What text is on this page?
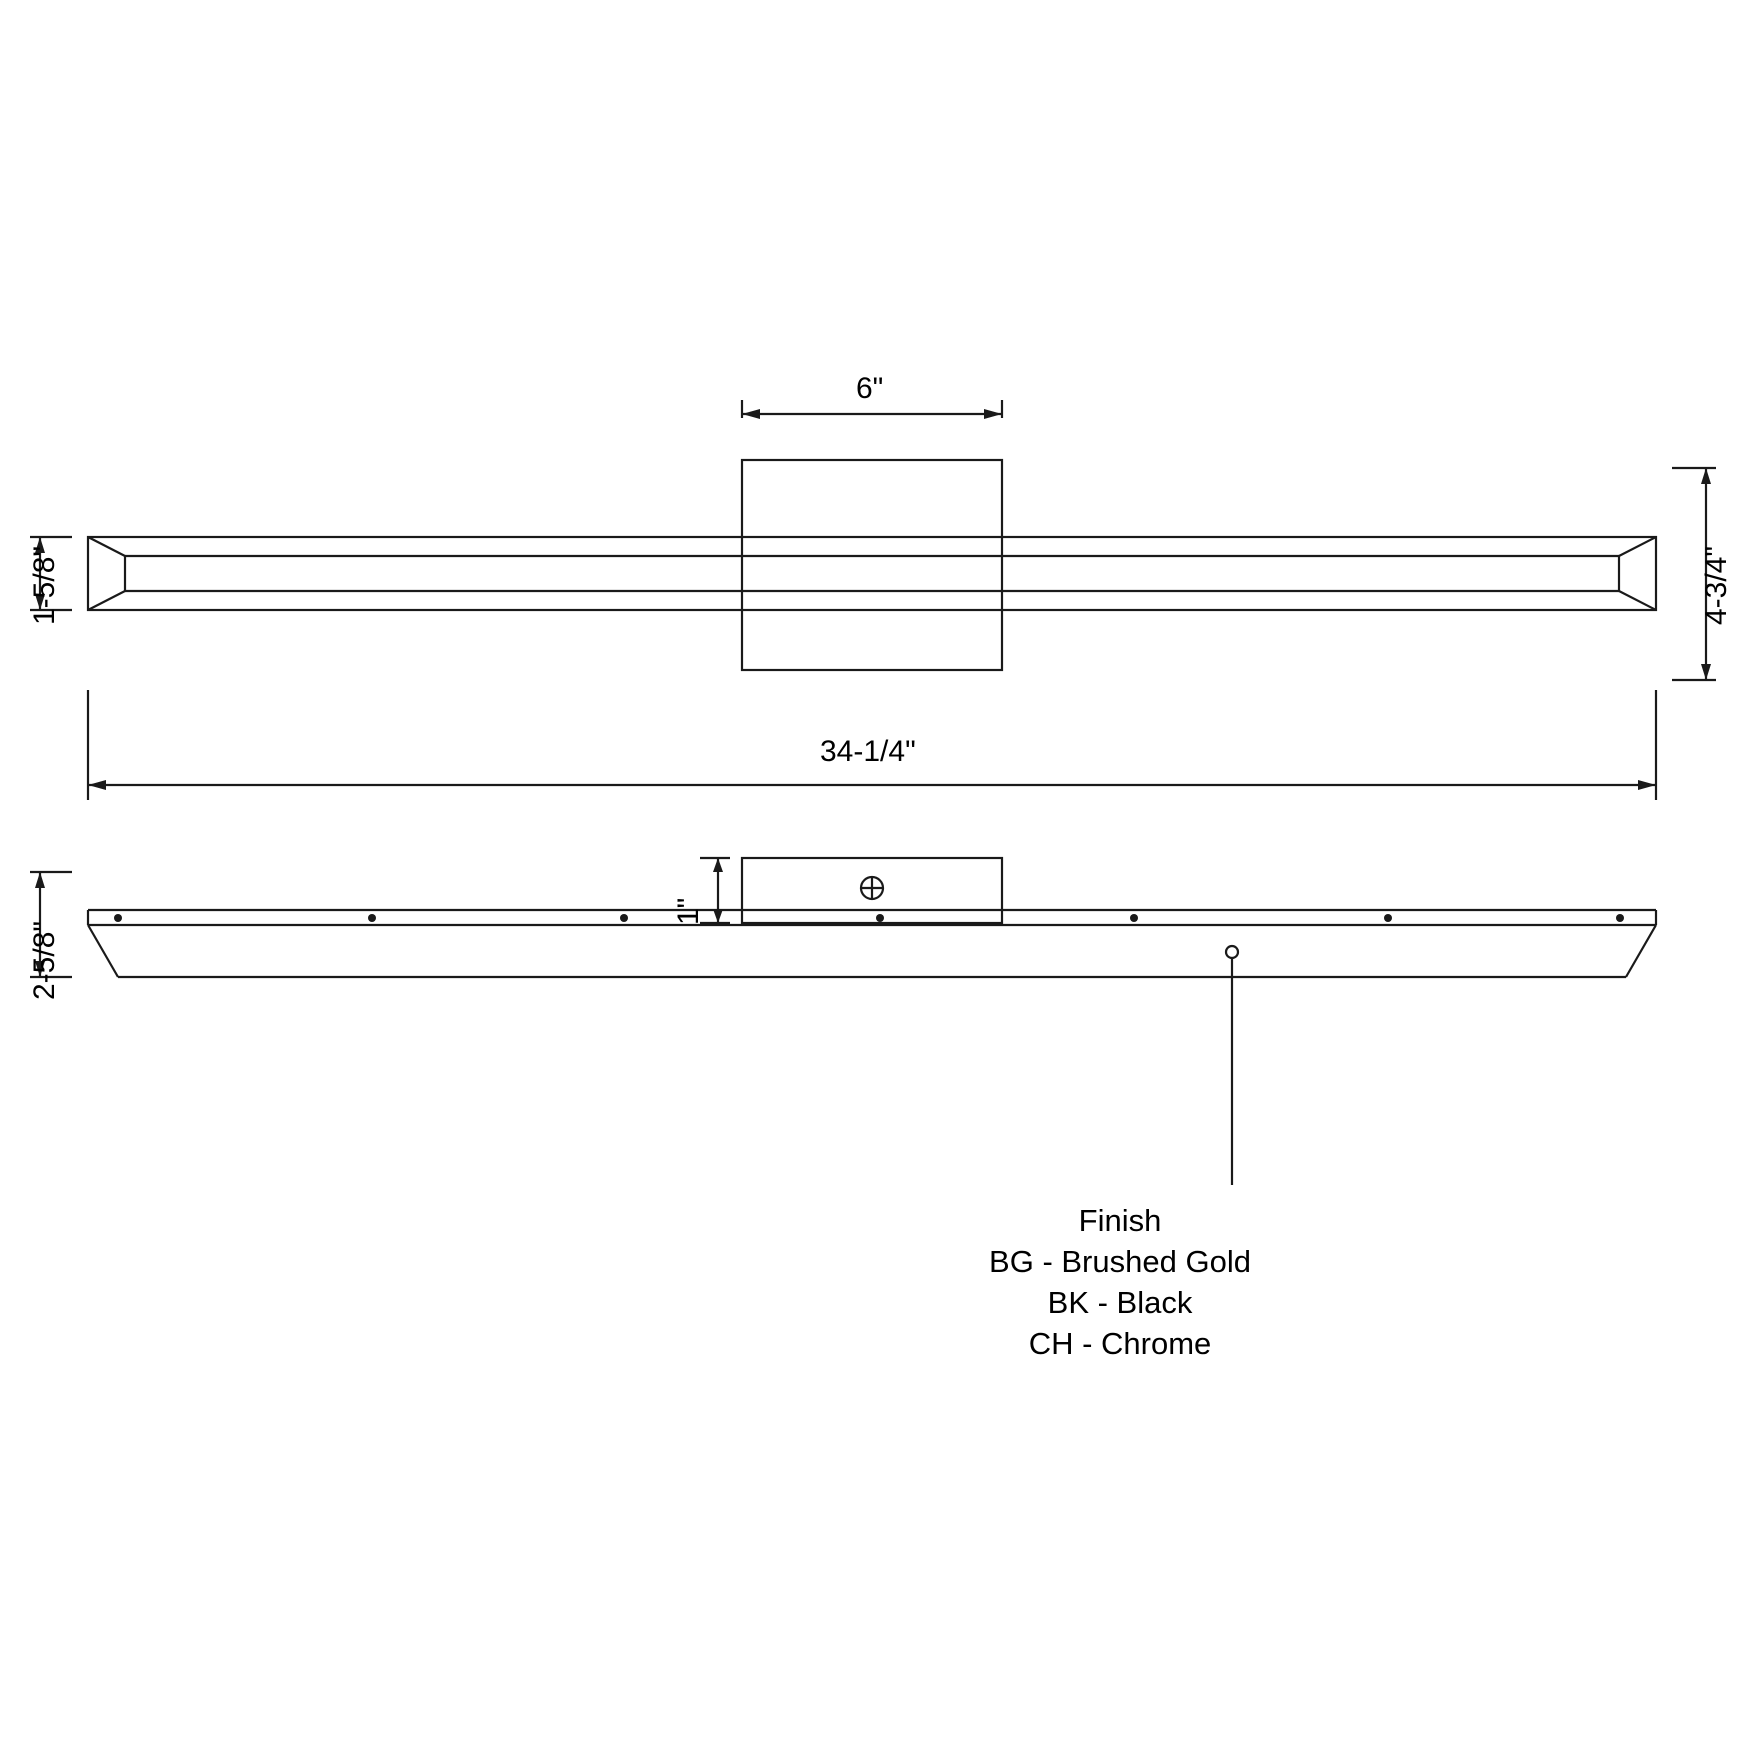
6"
1-5/8"	4-3/4"
34-1/4"
1"
2-5/8"
Finish
BG - Brushed Gold
BK - Black
CH - Chrome
